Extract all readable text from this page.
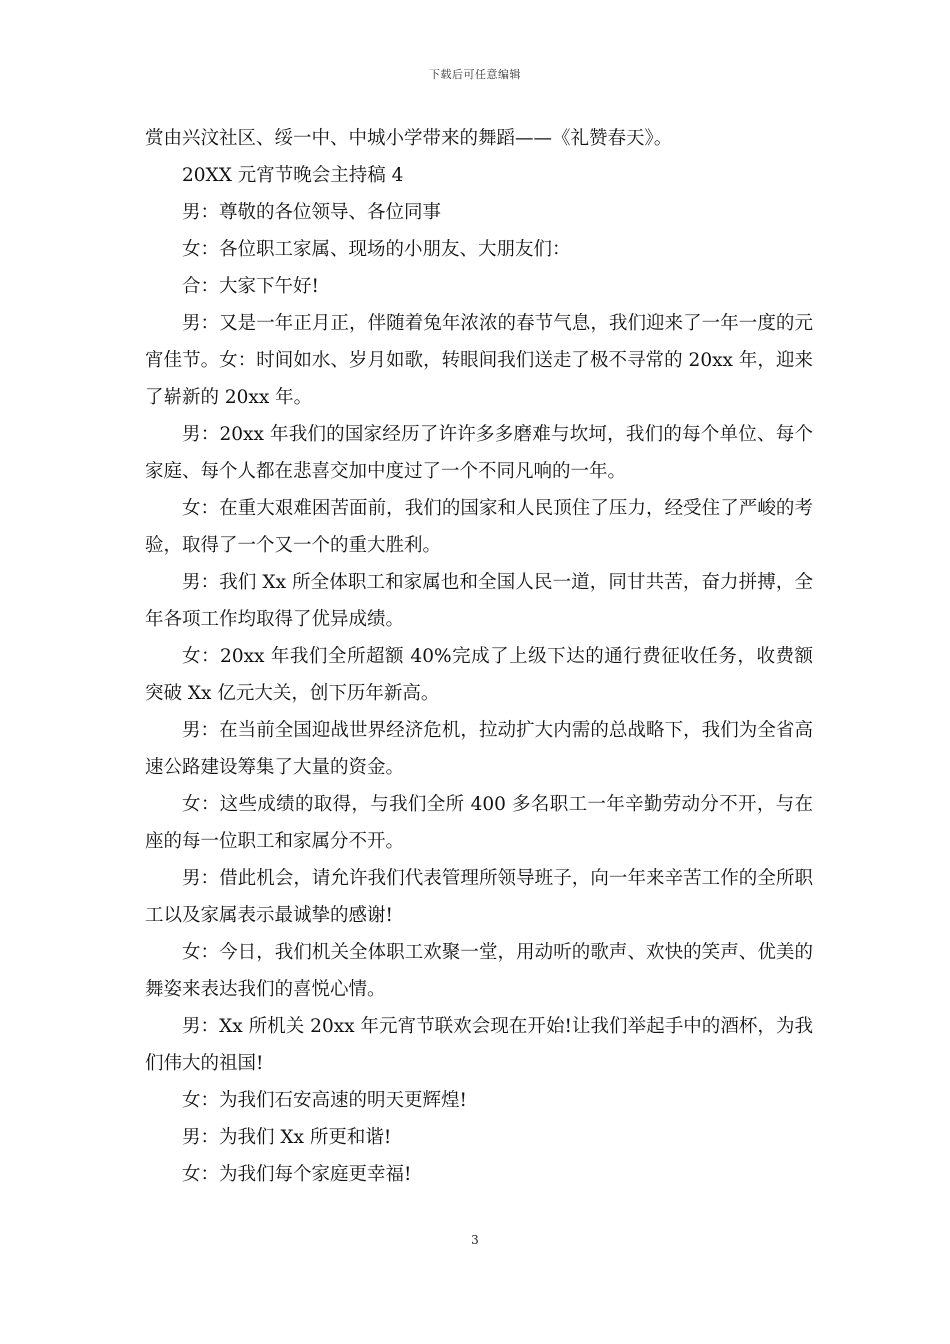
下载后可任意编辑

赏由兴汶社区、绥一中、中城小学带来的舞蹈——《礼赞春天》。

20XX 元宵节晚会主持稿 4

男：尊敬的各位领导、各位同事

女：各位职工家属、现场的小朋友、大朋友们：

合：大家下午好!

男：又是一年正月正，伴随着兔年浓浓的春节气息，我们迎来了一年一度的元宵佳节。女：时间如水、岁月如歌，转眼间我们送走了极不寻常的 20xx 年，迎来了崭新的 20xx 年。

男：20xx 年我们的国家经历了许许多多磨难与坎坷，我们的每个单位、每个家庭、每个人都在悲喜交加中度过了一个不同凡响的一年。

女：在重大艰难困苦面前，我们的国家和人民顶住了压力，经受住了严峻的考验，取得了一个又一个的重大胜利。

男：我们 Xx 所全体职工和家属也和全国人民一道，同甘共苦，奋力拼搏，全年各项工作均取得了优异成绩。

女：20xx 年我们全所超额 40%完成了上级下达的通行费征收任务，收费额突破 Xx 亿元大关，创下历年新高。

男：在当前全国迎战世界经济危机，拉动扩大内需的总战略下，我们为全省高速公路建设筹集了大量的资金。

女：这些成绩的取得，与我们全所 400 多名职工一年辛勤劳动分不开，与在座的每一位职工和家属分不开。

男：借此机会，请允许我们代表管理所领导班子，向一年来辛苦工作的全所职工以及家属表示最诚挚的感谢!

女：今日，我们机关全体职工欢聚一堂，用动听的歌声、欢快的笑声、优美的舞姿来表达我们的喜悦心情。

男：Xx 所机关 20xx 年元宵节联欢会现在开始!让我们举起手中的酒杯，为我们伟大的祖国!

女：为我们石安高速的明天更辉煌!

男：为我们 Xx 所更和谐!

女：为我们每个家庭更幸福!

3
